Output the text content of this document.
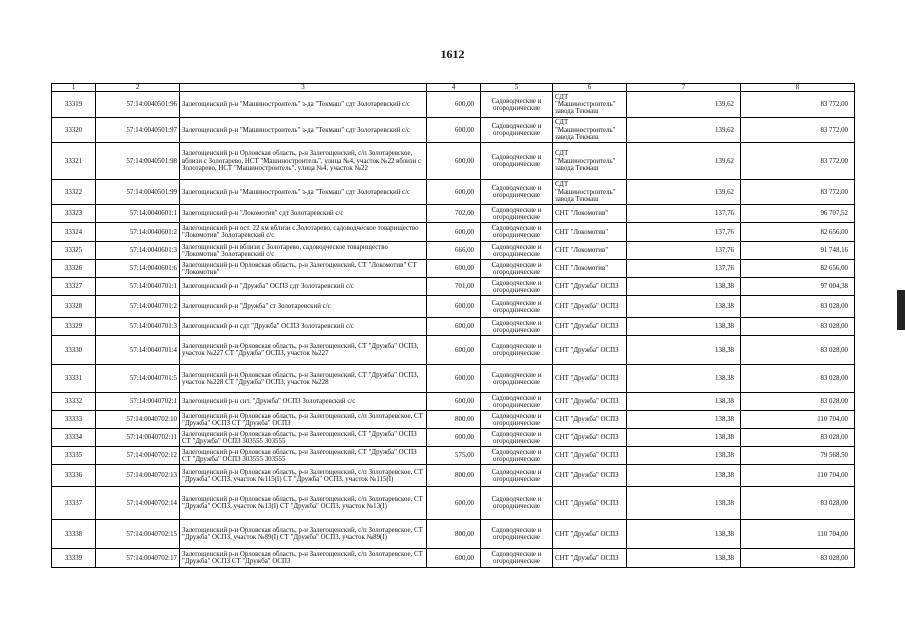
1612
1	2	3	4	5	6	7	8
33319	57:14:0040501:96	Залегощенский р-н "Машиностроитель" з-да "Текмаш" сдт Золотаревский с/с	600,00	Садоводческие и огороднические	СДТ "Машиностроитель" завода Текмаш	139,62	83 772,00
33320	57:14:0040501:97	Залегощенский р-н "Машиностроитель" з-да "Текмаш" сдт Золотаревский с/с	600,00	Садоводческие и огороднические	СДТ "Машиностроитель" завода Текмаш	139,62	83 772,00
33321	57:14:0040501:98	Залегощенский р-н Орловская область, р-н Залегощенский, с/п Золотаревское, вблизи с Золотарево, НСТ "Машиностроитель", улица №4, участок №22 вблизи с Золотарево, НСТ "Машиностроитель", улица №4, участок №22	600,00	Садоводческие и огороднические	СДТ "Машиностроитель" завода Текмаш	139,62	83 772,00
33322	57:14:0040501:99	Залегощенский р-н "Машиностроитель" з-да "Текмаш" сдт Золотаревский с/с	600,00	Садоводческие и огороднические	СДТ "Машиностроитель" завода Текмаш	139,62	83 772,00
33323	57:14:0040601:1	Залегощенский р-н "Локомотив" сдт Золотаревский с/с	702,00	Садоводческие и огороднические	СНТ "Локомотив"	137,76	96 707,52
33324	57:14:0040601:2	Залегощенский р-н ост. 22 км вблизи с.Золотарево, садоводческое товарищество "Локомотив" Золотаревский с/с	600,00	Садоводческие и огороднические	СНТ "Локомотив"	137,76	82 656,00
33325	57:14:0040601:3	Залегощенский р-н вблизи с Золотарево, садоводческое товарищество "Локомотив" Золотаревский с/с	666,00	Садоводческие и огороднические	СНТ "Локомотив"	137,76	91 748,16
33326	57:14:0040601:6	Залегощенский р-н Орловская область, р-н Залегощенский, СТ "Локомотив" СТ "Локомотив"	600,00	Садоводческие и огороднические	СНТ "Локомотив"	137,76	82 656,00
33327	57:14:0040701:1	Залегощенский р-н "Дружба" ОСПЗ сдт Золотаревский с/с	701,00	Садоводческие и огороднические	СНТ "Дружба" ОСПЗ	138,38	97 004,38
33328	57:14:0040701:2	Залегощенский р-н "Дружба" ст Золотаревский с/с	600,00	Садоводческие и огороднические	СНТ "Дружба" ОСПЗ	138,38	83 028,00
33329	57:14:0040701:3	Залегощенский р-н сдт "Дружба" ОСПЗ Золотаревский с/с	600,00	Садоводческие и огороднические	СНТ "Дружба" ОСПЗ	138,38	83 028,00
33330	57:14:0040701:4	Залегощенский р-н Орловская область, р-н Залегощенский, СТ "Дружба" ОСПЗ, участок №227 СТ "Дружба" ОСПЗ, участок №227	600,00	Садоводческие и огороднические	СНТ "Дружба" ОСПЗ	138,38	83 028,00
33331	57:14:0040701:5	Залегощенский р-н Орловская область, р-н Залегощенский, СТ "Дружба" ОСПЗ, участок №228 СТ "Дружба" ОСПЗ, участок №228	600,00	Садоводческие и огороднические	СНТ "Дружба" ОСПЗ	138,38	83 028,00
33332	57:14:0040702:1	Залегощенский р-н снт. "Дружба" ОСПЗ Золотаревский с/с	600,00	Садоводческие и огороднические	СНТ "Дружба" ОСПЗ	138,38	83 028,00
33333	57:14:0040702:10	Залегощенский р-н Орловская область, р-н Залегощенский, с/п Золотаревское, СТ "Дружба" ОСПЗ СТ "Дружба" ОСПЗ	800,00	Садоводческие и огороднические	СНТ "Дружба" ОСПЗ	138,38	110 704,00
33334	57:14:0040702:11	Залегощенский р-н Орловская область, р-н Залегощенский, СТ "Дружба" ОСПЗ СТ "Дружба" ОСПЗ 303555 303555	600,00	Садоводческие и огороднические	СНТ "Дружба" ОСПЗ	138,38	83 028,00
33335	57:14:0040702:12	Залегощенский р-н Орловская область, р-н Залегощенский, СТ "Дружба" ОСПЗ СТ "Дружба" ОСПЗ 303555 303555	575,00	Садоводческие и огороднические	СНТ "Дружба" ОСПЗ	138,38	79 568,50
33336	57:14:0040702:13	Залегощенский р-н Орловская область, р-н Залегощенский, с/п Золотаревское, СТ "Дружба" ОСПЗ, участок №115(I) СТ "Дружба" ОСПЗ, участок №115(I)	800,00	Садоводческие и огороднические	СНТ "Дружба" ОСПЗ	138,38	110 704,00
33337	57:14:0040702:14	Залегощенский р-н Орловская область, р-н Залегощенский, с/п Золотаревское, СТ "Дружба" ОСПЗ, участок №13(I) СТ "Дружба" ОСПЗ, участок №13(I)	600,00	Садоводческие и огороднические	СНТ "Дружба" ОСПЗ	138,38	83 028,00
33338	57:14:0040702:15	Залегощенский р-н Орловская область, р-н Залегощенский, с/п Золотаревское, СТ "Дружба" ОСПЗ, участок №89(I) СТ "Дружба" ОСПЗ, участок №89(I)	800,00	Садоводческие и огороднические	СНТ "Дружба" ОСПЗ	138,38	110 704,00
33339	57:14:0040702:17	Залегощенский р-н Орловская область, р-н Залегощенский, с/п Золотаревское, СТ "Дружба" ОСПЗ СТ "Дружба" ОСПЗ	600,00	Садоводческие и огороднические	СНТ "Дружба" ОСПЗ	138,38	83 028,00
